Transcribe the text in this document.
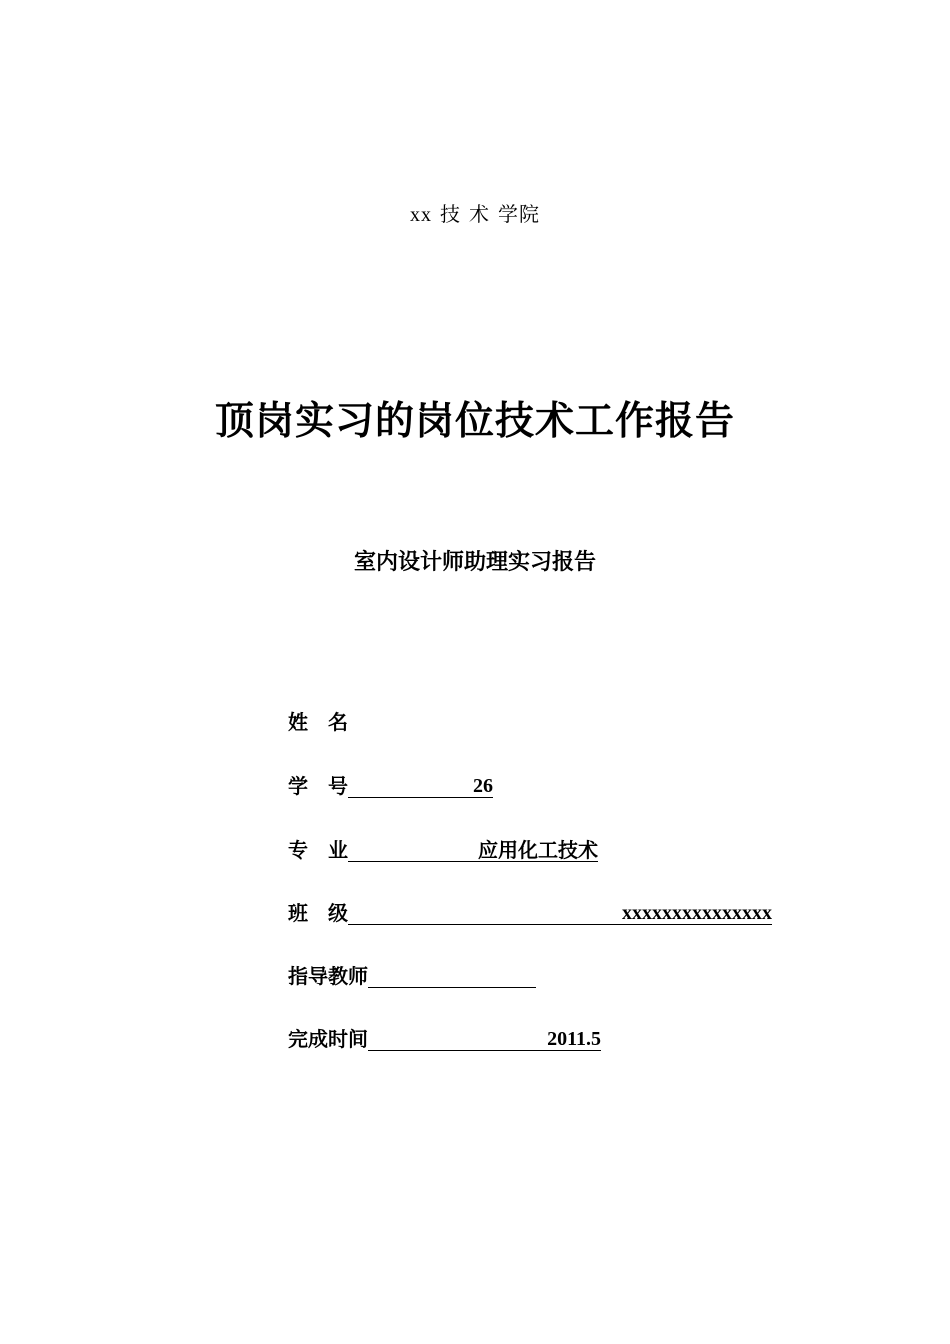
xx 技 术 学院
顶岗实习的岗位技术工作报告
室内设计师助理实习报告
姓　名
学　号	26
专　业	应用化工技术
班　级	xxxxxxxxxxxxxxx
指导教师
完成时间	2011.5
